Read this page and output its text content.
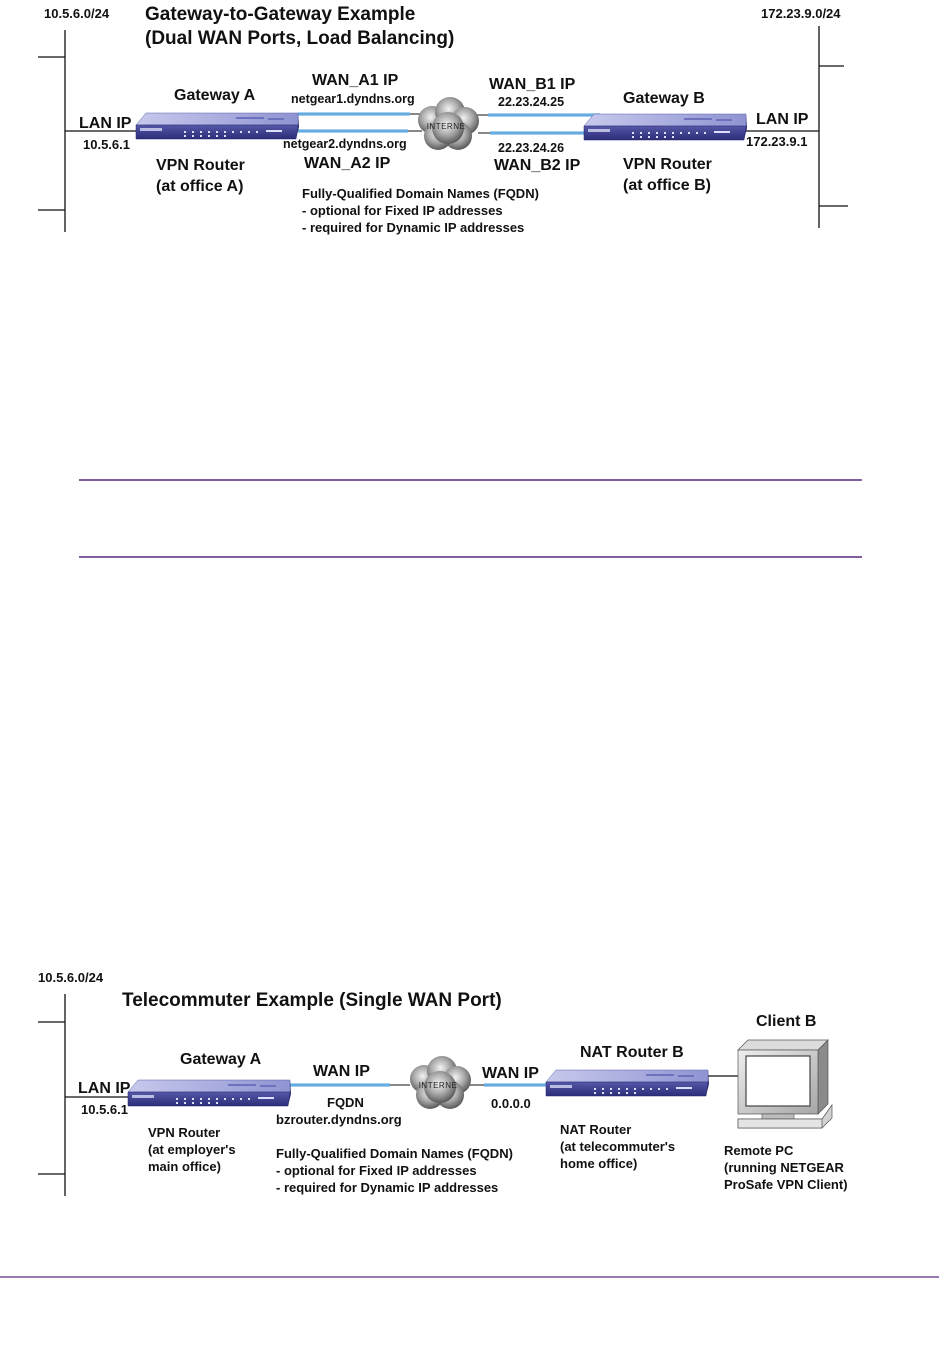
INTERNE
10.5.6.0/24	172.23.9.0/24
Gateway-to-Gateway Example
(Dual WAN Ports, Load Balancing)
Gateway A
LAN IP
10.5.6.1
VPN Router
(at office A)
WAN_A1 IP
netgear1.dyndns.org
netgear2.dyndns.org
WAN_A2 IP
WAN_B1 IP
22.23.24.25
22.23.24.26
WAN_B2 IP
Gateway B
LAN IP
172.23.9.1
VPN Router
(at office B)
Fully-Qualified Domain Names (FQDN)
- optional for Fixed IP addresses
- required for Dynamic IP addresses
INTERNE
10.5.6.0/24
Telecommuter Example (Single WAN Port)
Gateway A
LAN IP
10.5.6.1
VPN Router
(at employer's
main office)
WAN IP
FQDN
bzrouter.dyndns.org
WAN IP
0.0.0.0
NAT Router B
NAT Router
(at telecommuter's
home office)
Client B
Remote PC
(running NETGEAR
ProSafe VPN Client)
Fully-Qualified Domain Names (FQDN)
- optional for Fixed IP addresses
- required for Dynamic IP addresses
